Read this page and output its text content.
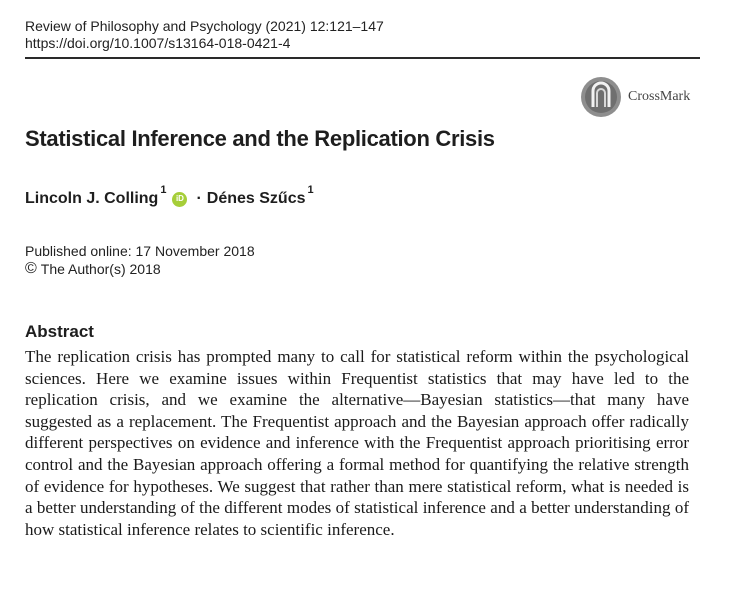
Review of Philosophy and Psychology (2021) 12:121–147
https://doi.org/10.1007/s13164-018-0421-4
CrossMark
Statistical Inference and the Replication Crisis
Lincoln J. Colling$^1$
iD · Dénes Szűcs$^1$
Published online: 17 November 2018
© The Author(s) 2018
Abstract

The replication crisis has prompted many to call for statistical reform within the psychological sciences. Here we examine issues within Frequentist statistics that may have led to the replication crisis, and we examine the alternative—Bayesian statistics—that many have suggested as a replacement. The Frequentist approach and the Bayesian approach offer radically different perspectives on evidence and inference with the Frequentist approach prioritising error control and the Bayesian approach offering a formal method for quantifying the relative strength of evidence for hypotheses. We suggest that rather than mere statistical reform, what is needed is a better understanding of the different modes of statistical inference and a better understanding of how statistical inference relates to scientific inference.
